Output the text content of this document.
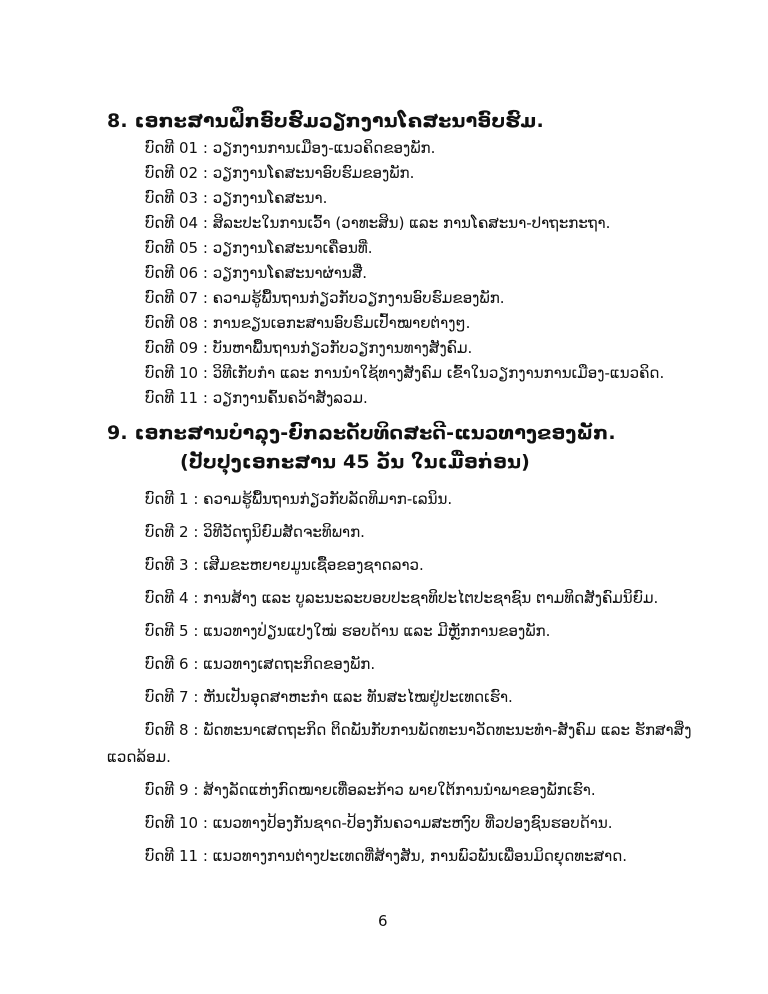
8. ເອກະສານຝຶກອົບຮົມວຽກງານໂຄສະນາອົບຮົມ.
ບົດທີ 01 : ວຽກງານການເມືອງ-ແນວຄິດຂອງພັກ.
ບົດທີ 02 : ວຽກງານໂຄສະນາອົບຮົມຂອງພັກ.
ບົດທີ 03 : ວຽກງານໂຄສະນາ.
ບົດທີ 04 : ສິລະປະໃນການເວົ້າ (ວາທະສິນ) ແລະ ການໂຄສະນາ-ປາຖະກະຖາ.
ບົດທີ 05 : ວຽກງານໂຄສະນາເຄື່ອນທີ່.
ບົດທີ 06 : ວຽກງານໂຄສະນາຜ່ານສື່.
ບົດທີ 07 : ຄວາມຮູ້ພື້ນຖານກ່ຽວກັບວຽກງານອົບຮົມຂອງພັກ.
ບົດທີ 08 : ການຂຽນເອກະສານອົບຮົມເປົ້າໝາຍຕ່າງໆ.
ບົດທີ 09 : ບັນຫາພື້ນຖານກ່ຽວກັບວຽກງານທາງສັງຄົມ.
ບົດທີ 10 : ວິທີເກັບກຳ ແລະ ການນຳໃຊ້ທາງສັງຄົມ ເຂົ້າໃນວຽກງານການເມືອງ-ແນວຄິດ.
ບົດທີ 11 : ວຽກງານຄົ້ນຄວ້າສັງລວມ.
9. ເອກະສານບຳລຸງ-ຍົກລະດັບທິດສະດີ-ແນວທາງຂອງພັກ.
(ປັບປຸງເອກະສານ 45 ວັນ ໃນເມື່ອກ່ອນ)
ບົດທີ 1 : ຄວາມຮູ້ພື້ນຖານກ່ຽວກັບລັດທິມາກ-ເລນິນ.
ບົດທີ 2 : ວິທີວັດຖຸນິຍົມສັດຈະທິພາກ.
ບົດທີ 3 : ເສີມຂະຫຍາຍມູນເຊື້ອຂອງຊາດລາວ.
ບົດທີ 4 : ການສ້າງ ແລະ ບູລະນະລະບອບປະຊາທິປະໄຕປະຊາຊົນ ຕາມທິດສັງຄົມນິຍົມ.
ບົດທີ 5 : ແນວທາງປ່ຽນແປງໃໝ່ ຮອບດ້ານ ແລະ ມີຫຼັກການຂອງພັກ.
ບົດທີ 6 : ແນວທາງເສດຖະກິດຂອງພັກ.
ບົດທີ 7 : ຫັນເປັນອຸດສາຫະກຳ ແລະ ທັນສະໄໝຢູ່ປະເທດເຮົາ.
ບົດທີ 8 : ພັດທະນາເສດຖະກິດ ຕິດພັນກັບການພັດທະນາວັດທະນະທຳ-ສັງຄົມ ແລະ ຮັກສາສິ່ງ
ແວດລ້ອມ.
ບົດທີ 9 : ສ້າງລັດແຫ່ງກົດໝາຍເທື່ອລະກ້າວ ພາຍໃຕ້ການນຳພາຂອງພັກເຮົາ.
ບົດທີ 10 : ແນວທາງປ້ອງກັນຊາດ-ປ້ອງກັນຄວາມສະຫງົບ ທີ່ວປອງຊົນຮອບດ້ານ.
ບົດທີ 11 : ແນວທາງການຕ່າງປະເທດທີ່ສ້າງສັນ, ການພົວພັນເພື່ອນມິດຍຸດທະສາດ.
6
